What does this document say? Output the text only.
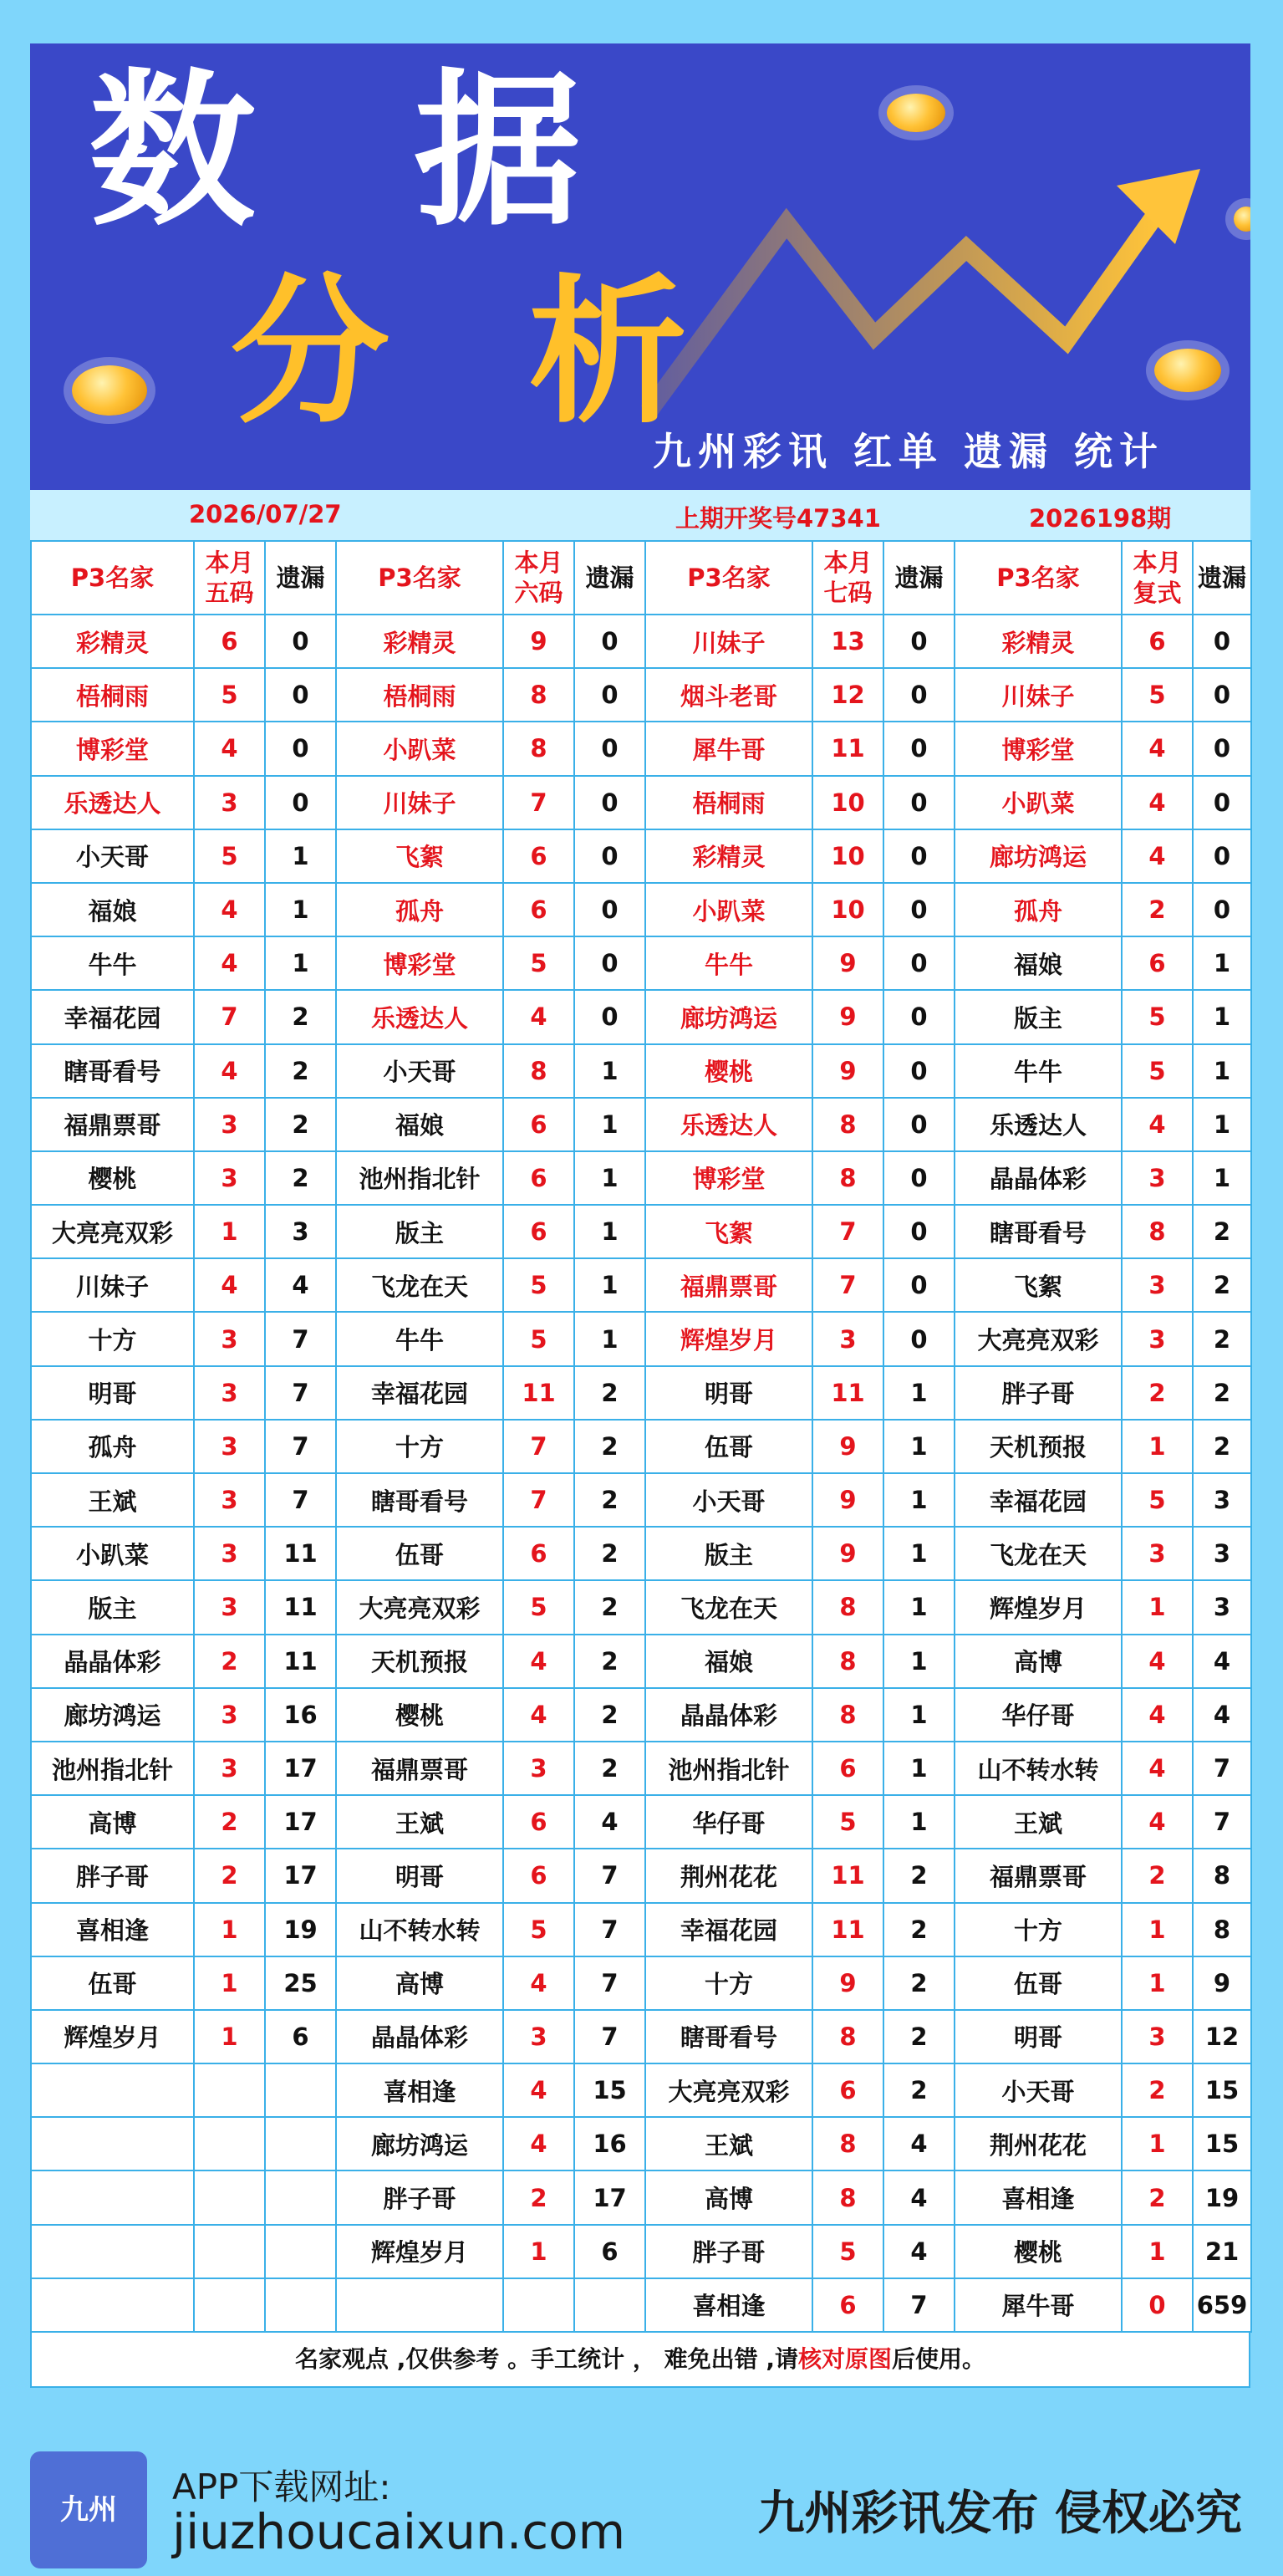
数 据
分 析
九州彩讯 红单 遗漏 统计
2026/07/27	上期开奖号47341	2026198期
P3名家	本月五码	遗漏	P3名家	本月六码	遗漏	P3名家	本月七码	遗漏	P3名家	本月复式	遗漏
彩精灵	6	0	彩精灵	9	0	川妹子	13	0	彩精灵	6	0
梧桐雨	5	0	梧桐雨	8	0	烟斗老哥	12	0	川妹子	5	0
博彩堂	4	0	小趴菜	8	0	犀牛哥	11	0	博彩堂	4	0
乐透达人	3	0	川妹子	7	0	梧桐雨	10	0	小趴菜	4	0
小天哥	5	1	飞絮	6	0	彩精灵	10	0	廊坊鸿运	4	0
福娘	4	1	孤舟	6	0	小趴菜	10	0	孤舟	2	0
牛牛	4	1	博彩堂	5	0	牛牛	9	0	福娘	6	1
幸福花园	7	2	乐透达人	4	0	廊坊鸿运	9	0	版主	5	1
瞎哥看号	4	2	小天哥	8	1	樱桃	9	0	牛牛	5	1
福鼎票哥	3	2	福娘	6	1	乐透达人	8	0	乐透达人	4	1
樱桃	3	2	池州指北针	6	1	博彩堂	8	0	晶晶体彩	3	1
大亮亮双彩	1	3	版主	6	1	飞絮	7	0	瞎哥看号	8	2
川妹子	4	4	飞龙在天	5	1	福鼎票哥	7	0	飞絮	3	2
十方	3	7	牛牛	5	1	辉煌岁月	3	0	大亮亮双彩	3	2
明哥	3	7	幸福花园	11	2	明哥	11	1	胖子哥	2	2
孤舟	3	7	十方	7	2	伍哥	9	1	天机预报	1	2
王斌	3	7	瞎哥看号	7	2	小天哥	9	1	幸福花园	5	3
小趴菜	3	11	伍哥	6	2	版主	9	1	飞龙在天	3	3
版主	3	11	大亮亮双彩	5	2	飞龙在天	8	1	辉煌岁月	1	3
晶晶体彩	2	11	天机预报	4	2	福娘	8	1	高博	4	4
廊坊鸿运	3	16	樱桃	4	2	晶晶体彩	8	1	华仔哥	4	4
池州指北针	3	17	福鼎票哥	3	2	池州指北针	6	1	山不转水转	4	7
高博	2	17	王斌	6	4	华仔哥	5	1	王斌	4	7
胖子哥	2	17	明哥	6	7	荆州花花	11	2	福鼎票哥	2	8
喜相逢	1	19	山不转水转	5	7	幸福花园	11	2	十方	1	8
伍哥	1	25	高博	4	7	十方	9	2	伍哥	1	9
辉煌岁月	1	6	晶晶体彩	3	7	瞎哥看号	8	2	明哥	3	12
			喜相逢	4	15	大亮亮双彩	6	2	小天哥	2	15
			廊坊鸿运	4	16	王斌	8	4	荆州花花	1	15
			胖子哥	2	17	高博	8	4	喜相逢	2	19
			辉煌岁月	1	6	胖子哥	5	4	樱桃	1	21
						喜相逢	6	7	犀牛哥	0	659
名家观点 ,仅供参考 。手工统计 ， 难免出错 ,请核对原图后使用。
九州
APP下载网址:
jiuzhoucaixun.com	九州彩讯发布 侵权必究
